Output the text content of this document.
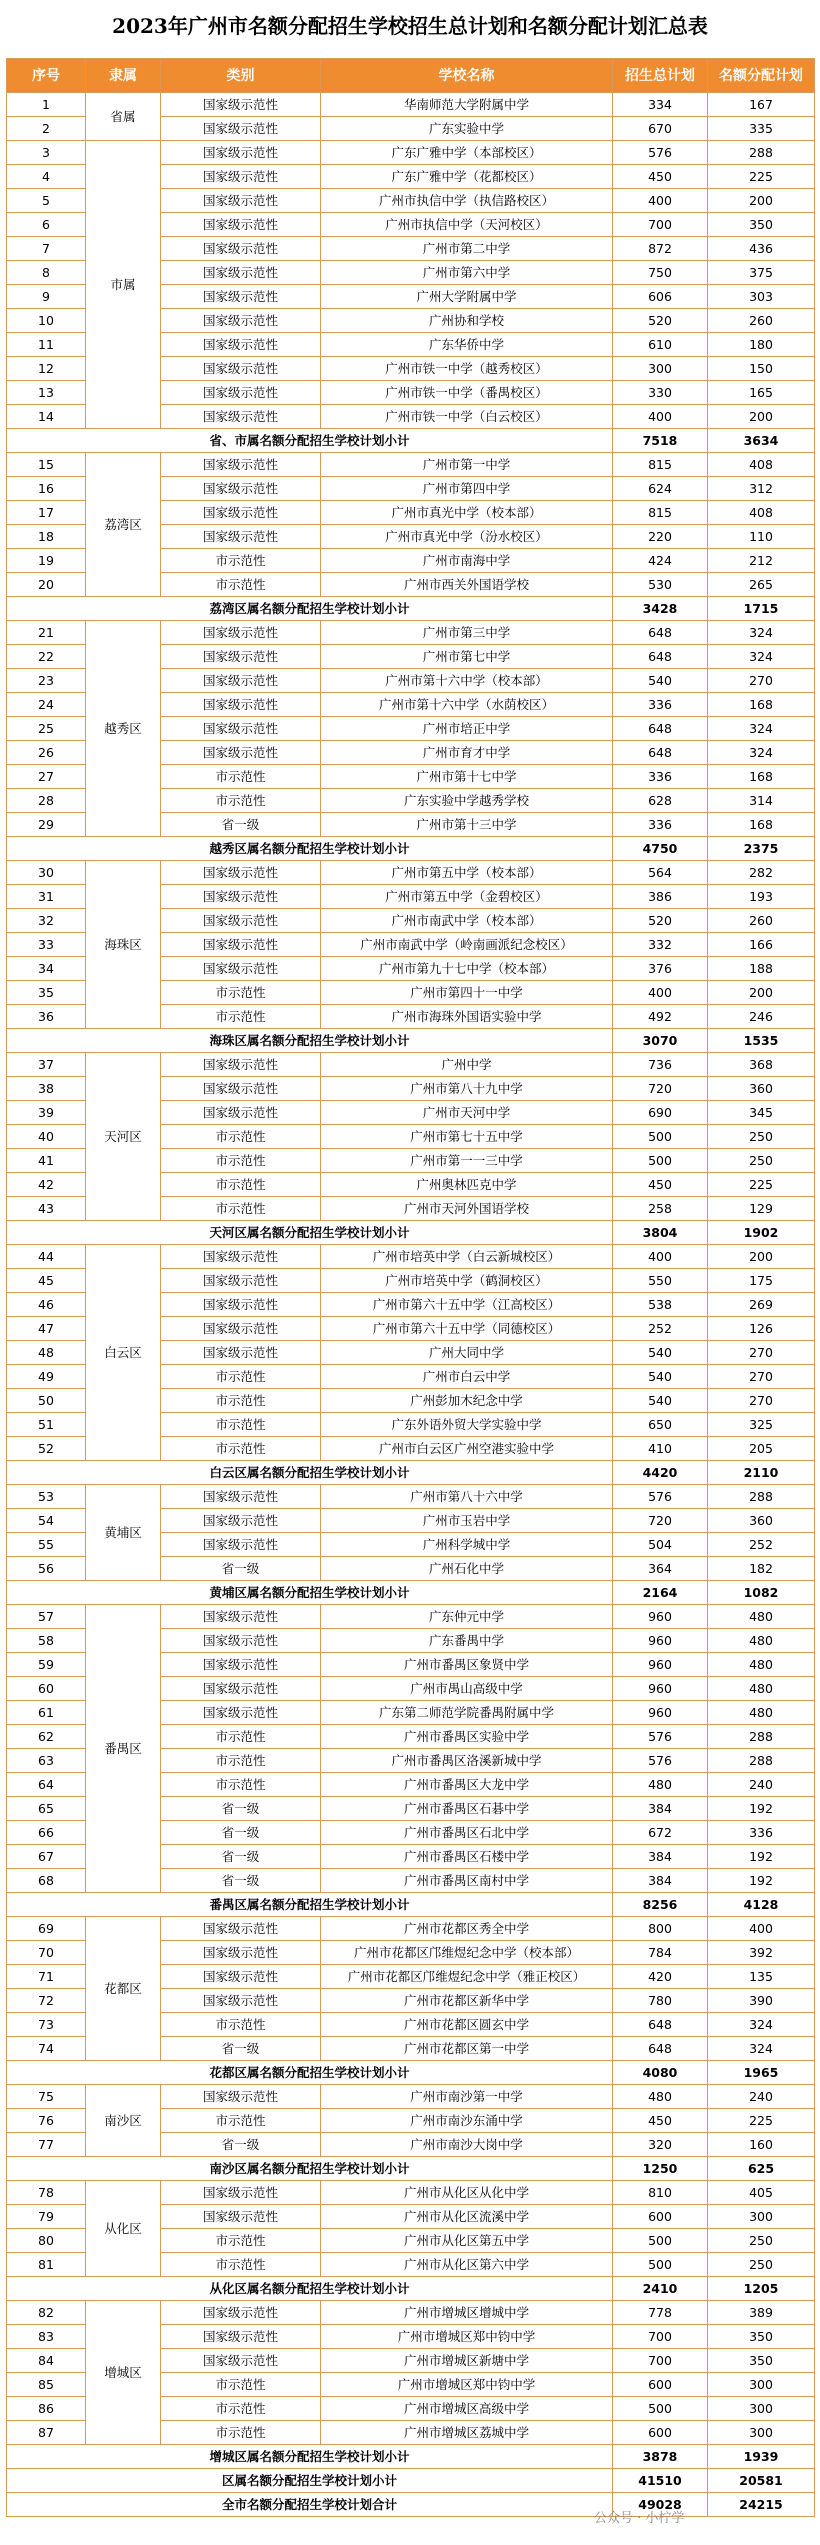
2023年广州市名额分配招生学校招生总计划和名额分配计划汇总表
序号	隶属	类别	学校名称	招生总计划	名额分配计划
1	省属	国家级示范性	华南师范大学附属中学	334	167
2		国家级示范性	广东实验中学	670	335
3	市属	国家级示范性	广东广雅中学（本部校区）	576	288
4		国家级示范性	广东广雅中学（花都校区）	450	225
5		国家级示范性	广州市执信中学（执信路校区）	400	200
6		国家级示范性	广州市执信中学（天河校区）	700	350
7		国家级示范性	广州市第二中学	872	436
8		国家级示范性	广州市第六中学	750	375
9		国家级示范性	广州大学附属中学	606	303
10		国家级示范性	广州协和学校	520	260
11		国家级示范性	广东华侨中学	610	180
12		国家级示范性	广州市铁一中学（越秀校区）	300	150
13		国家级示范性	广州市铁一中学（番禺校区）	330	165
14		国家级示范性	广州市铁一中学（白云校区）	400	200
省、市属名额分配招生学校计划小计				7518	3634
15	荔湾区	国家级示范性	广州市第一中学	815	408
16		国家级示范性	广州市第四中学	624	312
17		国家级示范性	广州市真光中学（校本部）	815	408
18		国家级示范性	广州市真光中学（汾水校区）	220	110
19		市示范性	广州市南海中学	424	212
20		市示范性	广州市西关外国语学校	530	265
荔湾区属名额分配招生学校计划小计				3428	1715
21	越秀区	国家级示范性	广州市第三中学	648	324
22		国家级示范性	广州市第七中学	648	324
23		国家级示范性	广州市第十六中学（校本部）	540	270
24		国家级示范性	广州市第十六中学（水荫校区）	336	168
25		国家级示范性	广州市培正中学	648	324
26		国家级示范性	广州市育才中学	648	324
27		市示范性	广州市第十七中学	336	168
28		市示范性	广东实验中学越秀学校	628	314
29		省一级	广州市第十三中学	336	168
越秀区属名额分配招生学校计划小计				4750	2375
30	海珠区	国家级示范性	广州市第五中学（校本部）	564	282
31		国家级示范性	广州市第五中学（金碧校区）	386	193
32		国家级示范性	广州市南武中学（校本部）	520	260
33		国家级示范性	广州市南武中学（岭南画派纪念校区）	332	166
34		国家级示范性	广州市第九十七中学（校本部）	376	188
35		市示范性	广州市第四十一中学	400	200
36		市示范性	广州市海珠外国语实验中学	492	246
海珠区属名额分配招生学校计划小计				3070	1535
37	天河区	国家级示范性	广州中学	736	368
38		国家级示范性	广州市第八十九中学	720	360
39		国家级示范性	广州市天河中学	690	345
40		市示范性	广州市第七十五中学	500	250
41		市示范性	广州市第一一三中学	500	250
42		市示范性	广州奥林匹克中学	450	225
43		市示范性	广州市天河外国语学校	258	129
天河区属名额分配招生学校计划小计				3804	1902
44	白云区	国家级示范性	广州市培英中学（白云新城校区）	400	200
45		国家级示范性	广州市培英中学（鹤洞校区）	550	175
46		国家级示范性	广州市第六十五中学（江高校区）	538	269
47		国家级示范性	广州市第六十五中学（同德校区）	252	126
48		国家级示范性	广州大同中学	540	270
49		市示范性	广州市白云中学	540	270
50		市示范性	广州彭加木纪念中学	540	270
51		市示范性	广东外语外贸大学实验中学	650	325
52		市示范性	广州市白云区广州空港实验中学	410	205
白云区属名额分配招生学校计划小计				4420	2110
53	黄埔区	国家级示范性	广州市第八十六中学	576	288
54		国家级示范性	广州市玉岩中学	720	360
55		国家级示范性	广州科学城中学	504	252
56		省一级	广州石化中学	364	182
黄埔区属名额分配招生学校计划小计				2164	1082
57	番禺区	国家级示范性	广东仲元中学	960	480
58		国家级示范性	广东番禺中学	960	480
59		国家级示范性	广州市番禺区象贤中学	960	480
60		国家级示范性	广州市禺山高级中学	960	480
61		国家级示范性	广东第二师范学院番禺附属中学	960	480
62		市示范性	广州市番禺区实验中学	576	288
63		市示范性	广州市番禺区洛溪新城中学	576	288
64		市示范性	广州市番禺区大龙中学	480	240
65		省一级	广州市番禺区石碁中学	384	192
66		省一级	广州市番禺区石北中学	672	336
67		省一级	广州市番禺区石楼中学	384	192
68		省一级	广州市番禺区南村中学	384	192
番禺区属名额分配招生学校计划小计				8256	4128
69	花都区	国家级示范性	广州市花都区秀全中学	800	400
70		国家级示范性	广州市花都区邝维煜纪念中学（校本部）	784	392
71		国家级示范性	广州市花都区邝维煜纪念中学（雅正校区）	420	135
72		国家级示范性	广州市花都区新华中学	780	390
73		市示范性	广州市花都区圆玄中学	648	324
74		省一级	广州市花都区第一中学	648	324
花都区属名额分配招生学校计划小计				4080	1965
75	南沙区	国家级示范性	广州市南沙第一中学	480	240
76		市示范性	广州市南沙东涌中学	450	225
77		省一级	广州市南沙大岗中学	320	160
南沙区属名额分配招生学校计划小计				1250	625
78	从化区	国家级示范性	广州市从化区从化中学	810	405
79		国家级示范性	广州市从化区流溪中学	600	300
80		市示范性	广州市从化区第五中学	500	250
81		市示范性	广州市从化区第六中学	500	250
从化区属名额分配招生学校计划小计				2410	1205
82	增城区	国家级示范性	广州市增城区增城中学	778	389
83		国家级示范性	广州市增城区郑中钧中学	700	350
84		国家级示范性	广州市增城区新塘中学	700	350
85		市示范性	广州市增城区郑中钧中学	600	300
86		市示范性	广州市增城区高级中学	500	300
87		市示范性	广州市增城区荔城中学	600	300
增城区属名额分配招生学校计划小计				3878	1939
区属名额分配招生学校计划小计				41510	20581
全市名额分配招生学校计划合计				49028	24215
公众号 · 小柠学
